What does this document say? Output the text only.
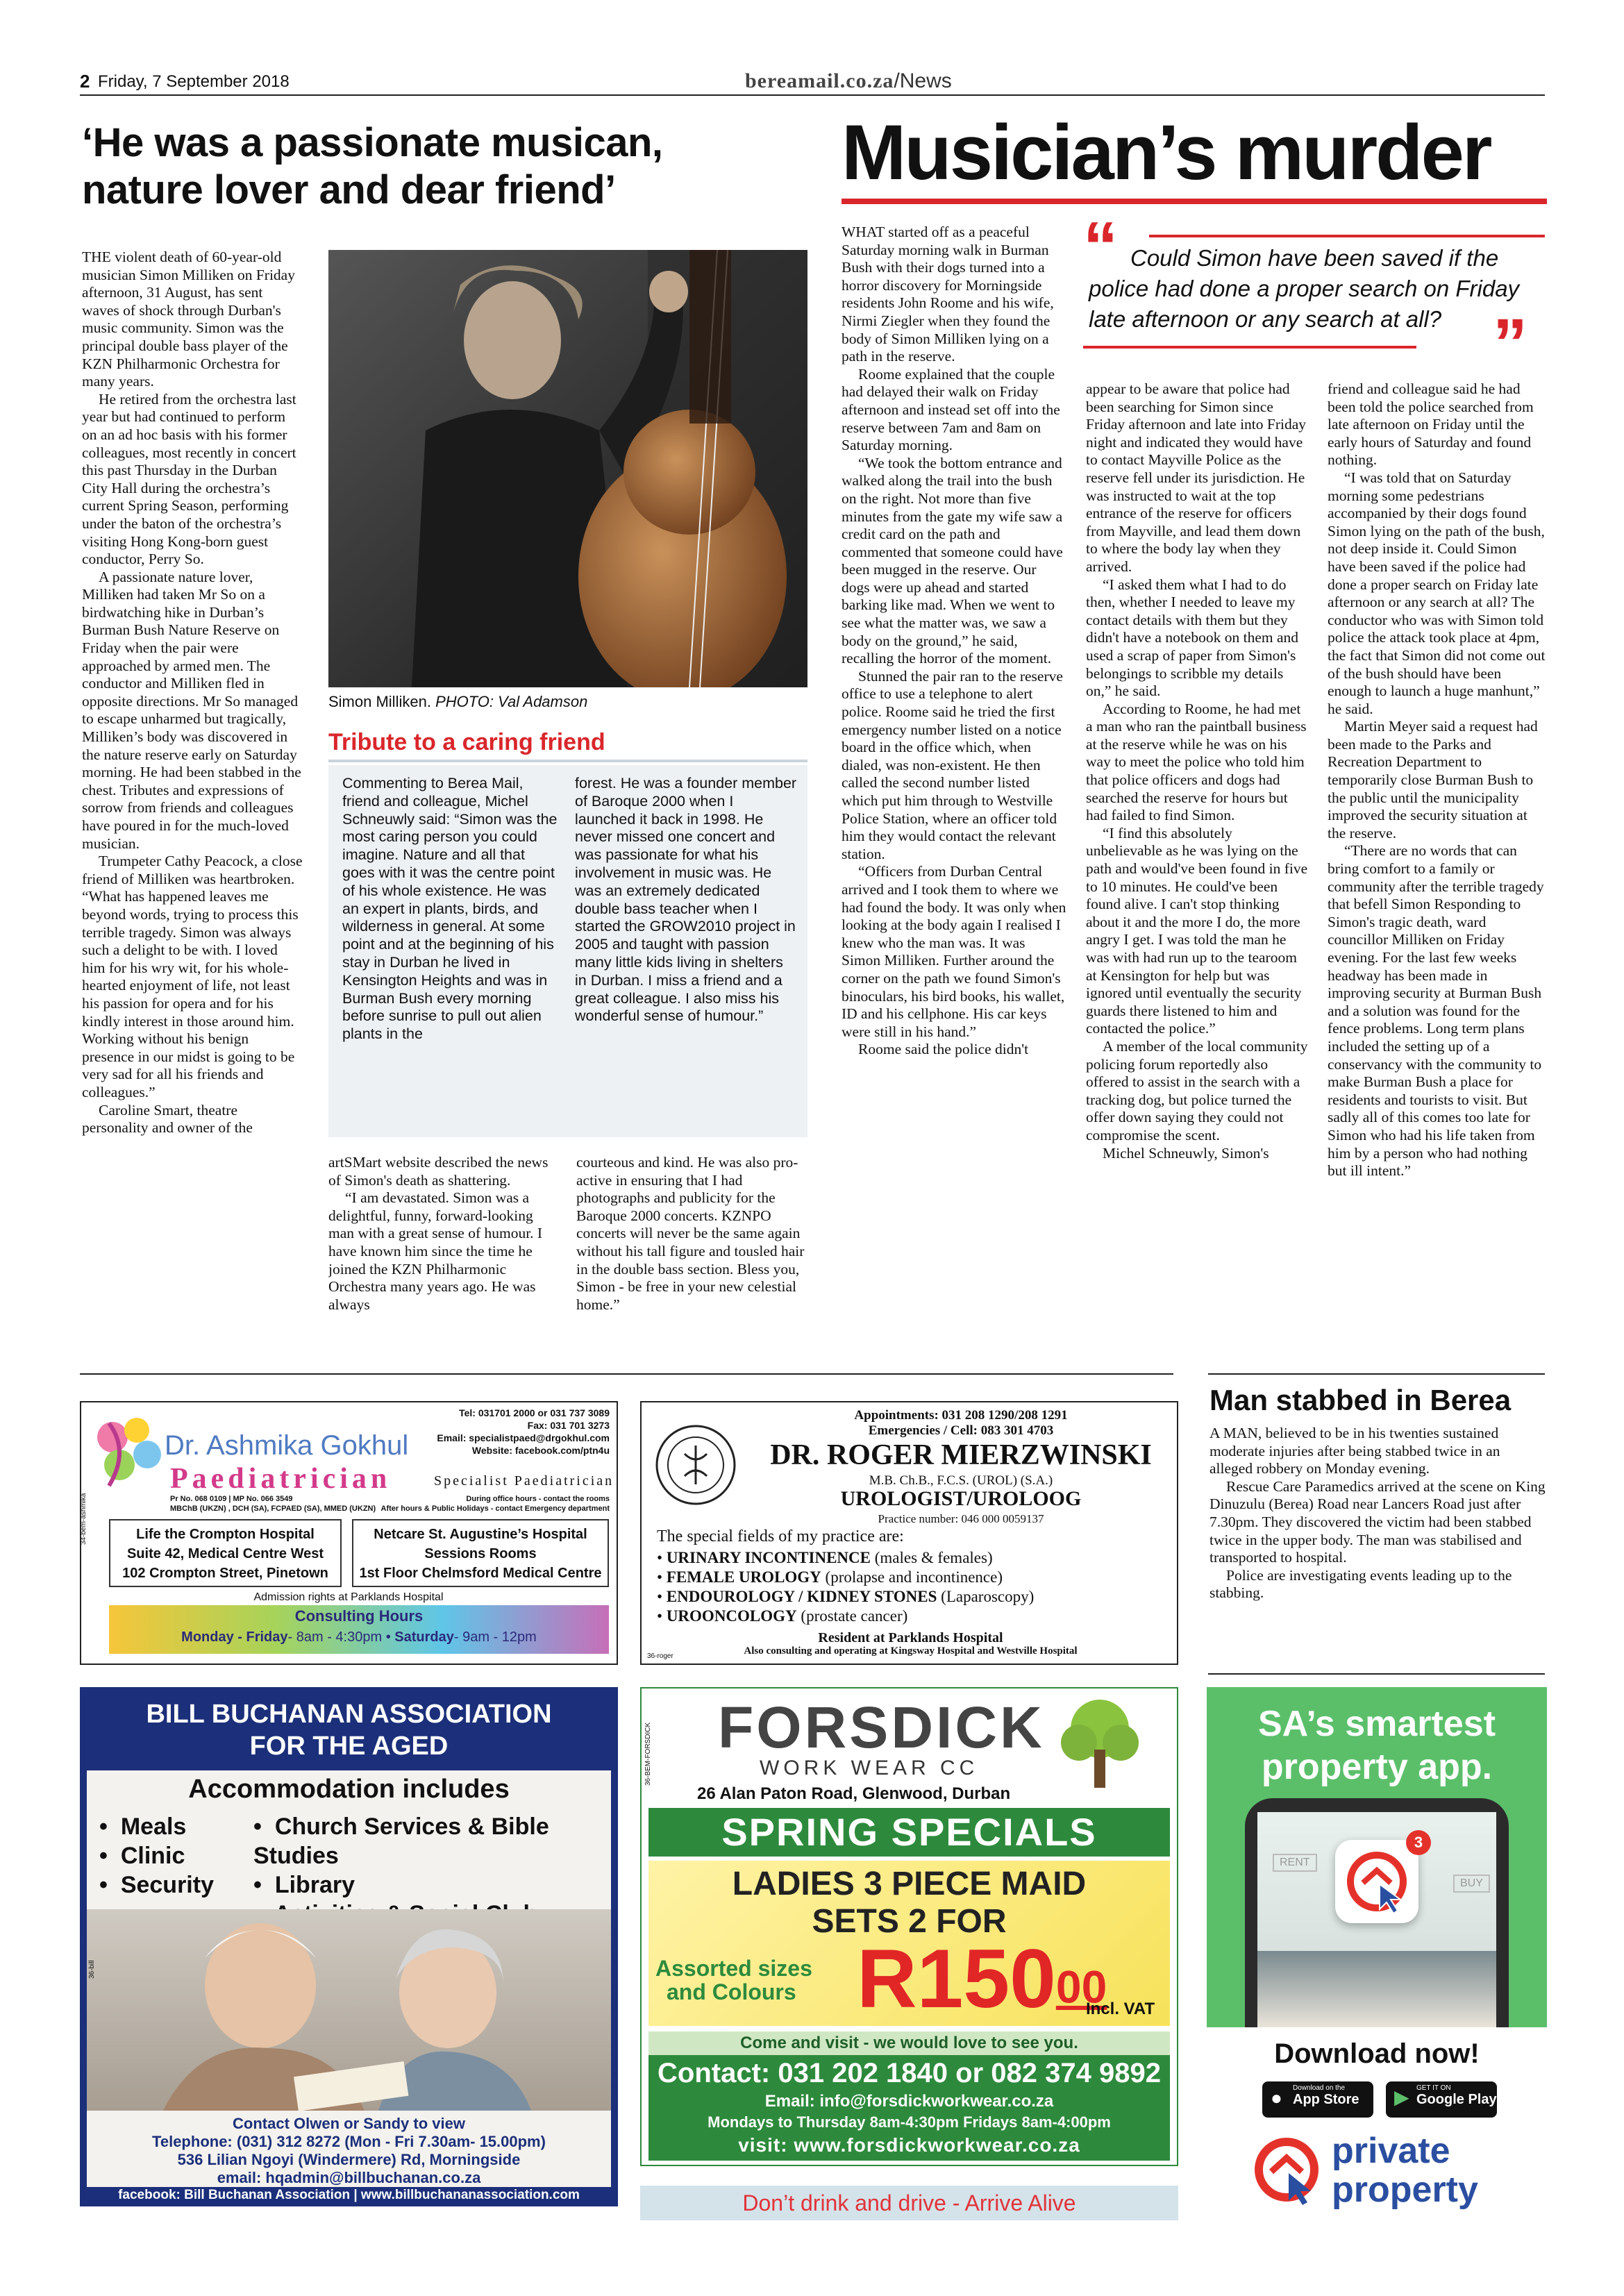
2 Friday, 7 September 2018	bereamail.co.za/News
‘He was a passionate musican,
nature lover and dear friend’

THE violent death of 60-year-old musician Simon Milliken on Friday afternoon, 31 August, has sent waves of shock through Durban's music community. Simon was the principal double bass player of the KZN Philharmonic Orchestra for many years.

He retired from the orchestra last year but had continued to perform on an ad hoc basis with his former colleagues, most recently in concert this past Thursday in the Durban City Hall during the orchestra’s current Spring Season, performing under the baton of the orchestra’s visiting Hong Kong-born guest conductor, Perry So.

A passionate nature lover, Milliken had taken Mr So on a birdwatching hike in Durban’s Burman Bush Nature Reserve on Friday when the pair were approached by armed men. The conductor and Milliken fled in opposite directions. Mr So managed to escape unharmed but tragically, Milliken’s body was discovered in the nature reserve early on Saturday morning. He had been stabbed in the chest. Tributes and expressions of sorrow from friends and colleagues have poured in for the much-loved musician.

Trumpeter Cathy Peacock, a close friend of Milliken was heartbroken. “What has happened leaves me beyond words, trying to process this terrible tragedy. Simon was always such a delight to be with. I loved him for his wry wit, for his whole-hearted enjoyment of life, not least his passion for opera and for his kindly interest in those around him. Working without his benign presence in our midst is going to be very sad for all his friends and colleagues.”

Caroline Smart, theatre personality and owner of the

Simon Milliken. PHOTO: Val Adamson
Tribute to a caring friend
Commenting to Berea Mail, friend and colleague, Michel Schneuwly said: “Simon was the most caring person you could imagine. Nature and all that goes with it was the centre point of his whole existence. He was an expert in plants, birds, and wilderness in general. At some point and at the beginning of his stay in Durban he lived in Kensington Heights and was in Burman Bush every morning before sunrise to pull out alien plants in the
forest. He was a founder member of Baroque 2000 when I launched it back in 1998. He never missed one concert and was passionate for what his involvement in music was. He was an extremely dedicated double bass teacher when I started the GROW2010 project in 2005 and taught with passion many little kids living in shelters in Durban. I miss a friend and a great colleague. I also miss his wonderful sense of humour.”

artSMart website described the news of Simon's death as shattering.

“I am devastated. Simon was a delightful, funny, forward-looking man with a great sense of humour. I have known him since the time he joined the KZN Philharmonic Orchestra many years ago. He was always

courteous and kind. He was also pro-active in ensuring that I had photographs and publicity for the Baroque 2000 concerts. KZNPO concerts will never be the same again without his tall figure and tousled hair in the double bass section. Bless you, Simon - be free in your new celestial home.”

Musician’s murder

WHAT started off as a peaceful Saturday morning walk in Burman Bush with their dogs turned into a horror discovery for Morningside residents John Roome and his wife, Nirmi Ziegler when they found the body of Simon Milliken lying on a path in the reserve.

Roome explained that the couple had delayed their walk on Friday afternoon and instead set off into the reserve between 7am and 8am on Saturday morning.

“We took the bottom entrance and walked along the trail into the bush on the right. Not more than five minutes from the gate my wife saw a credit card on the path and commented that someone could have been mugged in the reserve. Our dogs were up ahead and started barking like mad. When we went to see what the matter was, we saw a body on the ground,” he said, recalling the horror of the moment.

Stunned the pair ran to the reserve office to use a telephone to alert police. Roome said he tried the first emergency number listed on a notice board in the office which, when dialed, was non-existent. He then called the second number listed which put him through to Westville Police Station, where an officer told him they would contact the relevant station.

“Officers from Durban Central arrived and I took them to where we had found the body. It was only when looking at the body again I realised I knew who the man was. It was Simon Milliken. Further around the corner on the path we found Simon's binoculars, his bird books, his wallet, ID and his cellphone. His car keys were still in his hand.”

Roome said the police didn't

“ Could Simon have been saved if the police had done a proper search on Friday late afternoon or any search at all? ”

appear to be aware that police had been searching for Simon since Friday afternoon and late into Friday night and indicated they would have to contact Mayville Police as the reserve fell under its jurisdiction. He was instructed to wait at the top entrance of the reserve for officers from Mayville, and lead them down to where the body lay when they arrived.

“I asked them what I had to do then, whether I needed to leave my contact details with them but they didn't have a notebook on them and used a scrap of paper from Simon's belongings to scribble my details on,” he said.

According to Roome, he had met a man who ran the paintball business at the reserve while he was on his way to meet the police who told him that police officers and dogs had searched the reserve for hours but had failed to find Simon.

“I find this absolutely unbelievable as he was lying on the path and would've been found in five to 10 minutes. He could've been found alive. I can't stop thinking about it and the more I do, the more angry I get. I was told the man he was with had run up to the tearoom at Kensington for help but was ignored until eventually the security guards there listened to him and contacted the police.”

A member of the local community policing forum reportedly also offered to assist in the search with a tracking dog, but police turned the offer down saying they could not compromise the scent.

Michel Schneuwly, Simon's

friend and colleague said he had been told the police searched from late afternoon on Friday until the early hours of Saturday and found nothing.

“I was told that on Saturday morning some pedestrians accompanied by their dogs found Simon lying on the path of the bush, not deep inside it. Could Simon have been saved if the police had done a proper search on Friday late afternoon or any search at all? The conductor who was with Simon told police the attack took place at 4pm, the fact that Simon did not come out of the bush should have been enough to launch a huge manhunt,” he said.

Martin Meyer said a request had been made to the Parks and Recreation Department to temporarily close Burman Bush to the public until the municipality improved the security situation at the reserve.

“There are no words that can bring comfort to a family or community after the terrible tragedy that befell Simon Responding to Simon's tragic death, ward councillor Milliken on Friday evening. For the last few weeks headway has been made in improving security at Burman Bush and a solution was found for the fence problems. Long term plans included the setting up of a conservancy with the community to make Burman Bush a place for residents and tourists to visit. But sadly all of this comes too late for Simon who had his life taken from him by a person who had nothing but ill intent.”

Man stabbed in Berea

A MAN, believed to be in his twenties sustained moderate injuries after being stabbed twice in an alleged robbery on Monday evening.

Rescue Care Paramedics arrived at the scene on King Dinuzulu (Berea) Road near Lancers Road just after 7.30pm. They discovered the victim had been stabbed twice in the upper body. The man was stabilised and transported to hospital.

Police are investigating events leading up to the stabbing.

Tel: 031701 2000 or 031 737 3089
Fax: 031 701 3273
Email: specialistpaed@drgokhul.com
Website: facebook.com/ptn4u
Dr. Ashmika Gokhul
Paediatrician	Specialist Paediatrician
Pr No. 068 0109 | MP No. 066 3549
MBChB (UKZN) , DCH (SA), FCPAED (SA), MMED (UKZN)
During office hours - contact the rooms
After hours & Public Holidays - contact Emergency department
34-bem-ashmika	Life the Crompton Hospital
Suite 42, Medical Centre West
102 Crompton Street, Pinetown
Netcare St. Augustine’s Hospital
Sessions Rooms
1st Floor Chelmsford Medical Centre
Admission rights at Parklands Hospital
Consulting Hours
Monday - Friday- 8am - 4:30pm • Saturday- 9am - 12pm
Appointments: 031 208 1290/208 1291
Emergencies / Cell: 083 301 4703
DR. ROGER MIERZWINSKI
M.B. Ch.B., F.C.S. (UROL) (S.A.)
UROLOGIST/UROLOOG
Practice number: 046 000 0059137
The special fields of my practice are:
• URINARY INCONTINENCE (males & females)
• FEMALE UROLOGY (prolapse and incontinence)
• ENDOUROLOGY / KIDNEY STONES (Laparoscopy)
• UROONCOLOGY (prostate cancer)
Resident at Parklands Hospital
Also consulting and operating at Kingsway Hospital and Westville Hospital
36-roger
BILL BUCHANAN ASSOCIATION
FOR THE AGED
Accommodation includes
• Meals
• Clinic
• Security
• Church Services & Bible Studies
• Library

36-bill
Contact Olwen or Sandy to view
Telephone: (031) 312 8272 (Mon - Fri 7.30am- 15.00pm)
536 Lilian Ngoyi (Windermere) Rd, Morningside
email: hqadmin@billbuchanan.co.za
facebook: Bill Buchanan Association | www.billbuchananassociation.com
36-BEM-FORSDICK FORSDICK
WORK WEAR CC
26 Alan Paton Road, Glenwood, Durban
SPRING SPECIALS
LADIES 3 PIECE MAID
SETS 2 FOR
Assorted sizes
and Colours $R150^{00}$
Incl. VAT
Come and visit - we would love to see you.
Contact: 031 202 1840 or 082 374 9892
Email: info@forsdickworkwear.co.za
Mondays to Thursday 8am-4:30pm Fridays 8am-4:00pm
visit: www.forsdickworkwear.co.za
Don’t drink and drive - Arrive Alive
SA’s smartest
property app.
RENT
BUY
3
Download now!
● Download on the
App Store	▶ GET IT ON
Google Play
private
property
